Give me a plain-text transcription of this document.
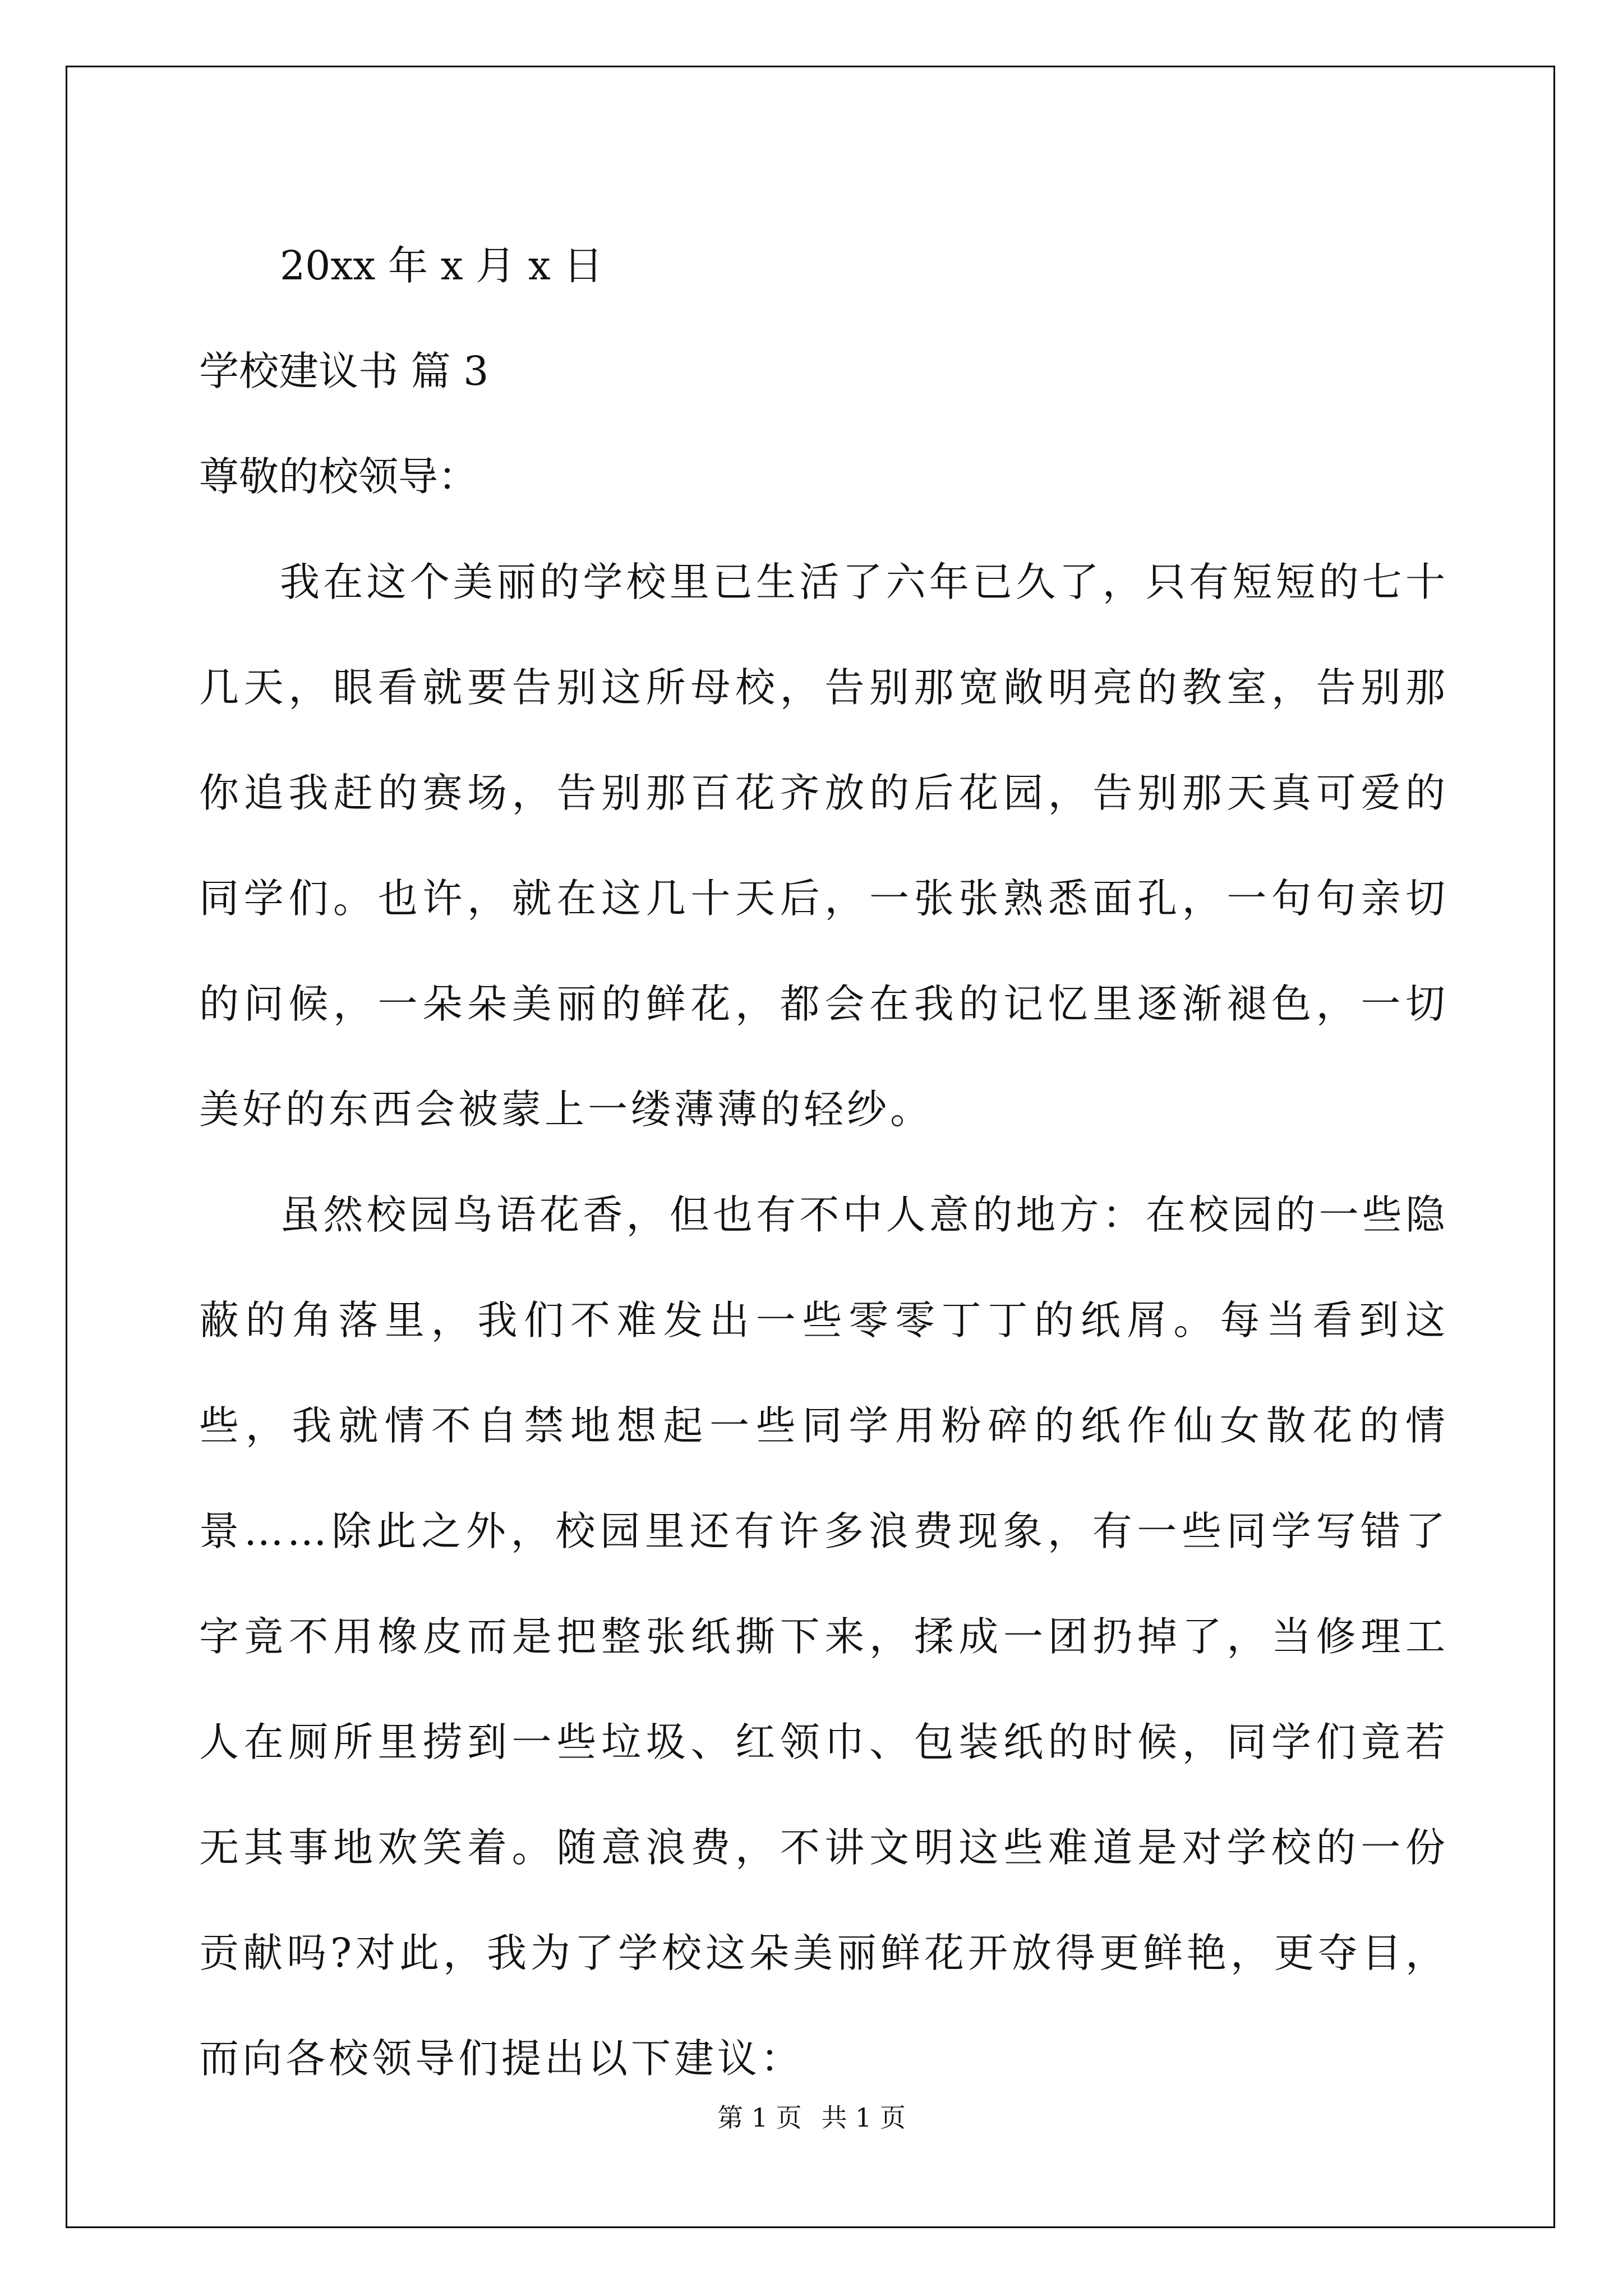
20xx 年 x 月 x 日
学校建议书 篇 3
尊敬的校领导：
我在这个美丽的学校里已生活了六年已久了，只有短短的七十几天，眼看就要告别这所母校，告别那宽敞明亮的教室，告别那你追我赶的赛场，告别那百花齐放的后花园，告别那天真可爱的同学们。也许，就在这几十天后，一张张熟悉面孔，一句句亲切的问候，一朵朵美丽的鲜花，都会在我的记忆里逐渐褪色，一切美好的东西会被蒙上一缕薄薄的轻纱。
虽然校园鸟语花香，但也有不中人意的地方：在校园的一些隐蔽的角落里，我们不难发出一些零零丁丁的纸屑。每当看到这些，我就情不自禁地想起一些同学用粉碎的纸作仙女散花的情景……除此之外，校园里还有许多浪费现象，有一些同学写错了字竟不用橡皮而是把整张纸撕下来，揉成一团扔掉了，当修理工人在厕所里捞到一些垃圾、红领巾、包装纸的时候，同学们竟若无其事地欢笑着。随意浪费，不讲文明这些难道是对学校的一份贡献吗?对此，我为了学校这朵美丽鲜花开放得更鲜艳，更夺目，而向各校领导们提出以下建议：
第 1 页 共 1 页
